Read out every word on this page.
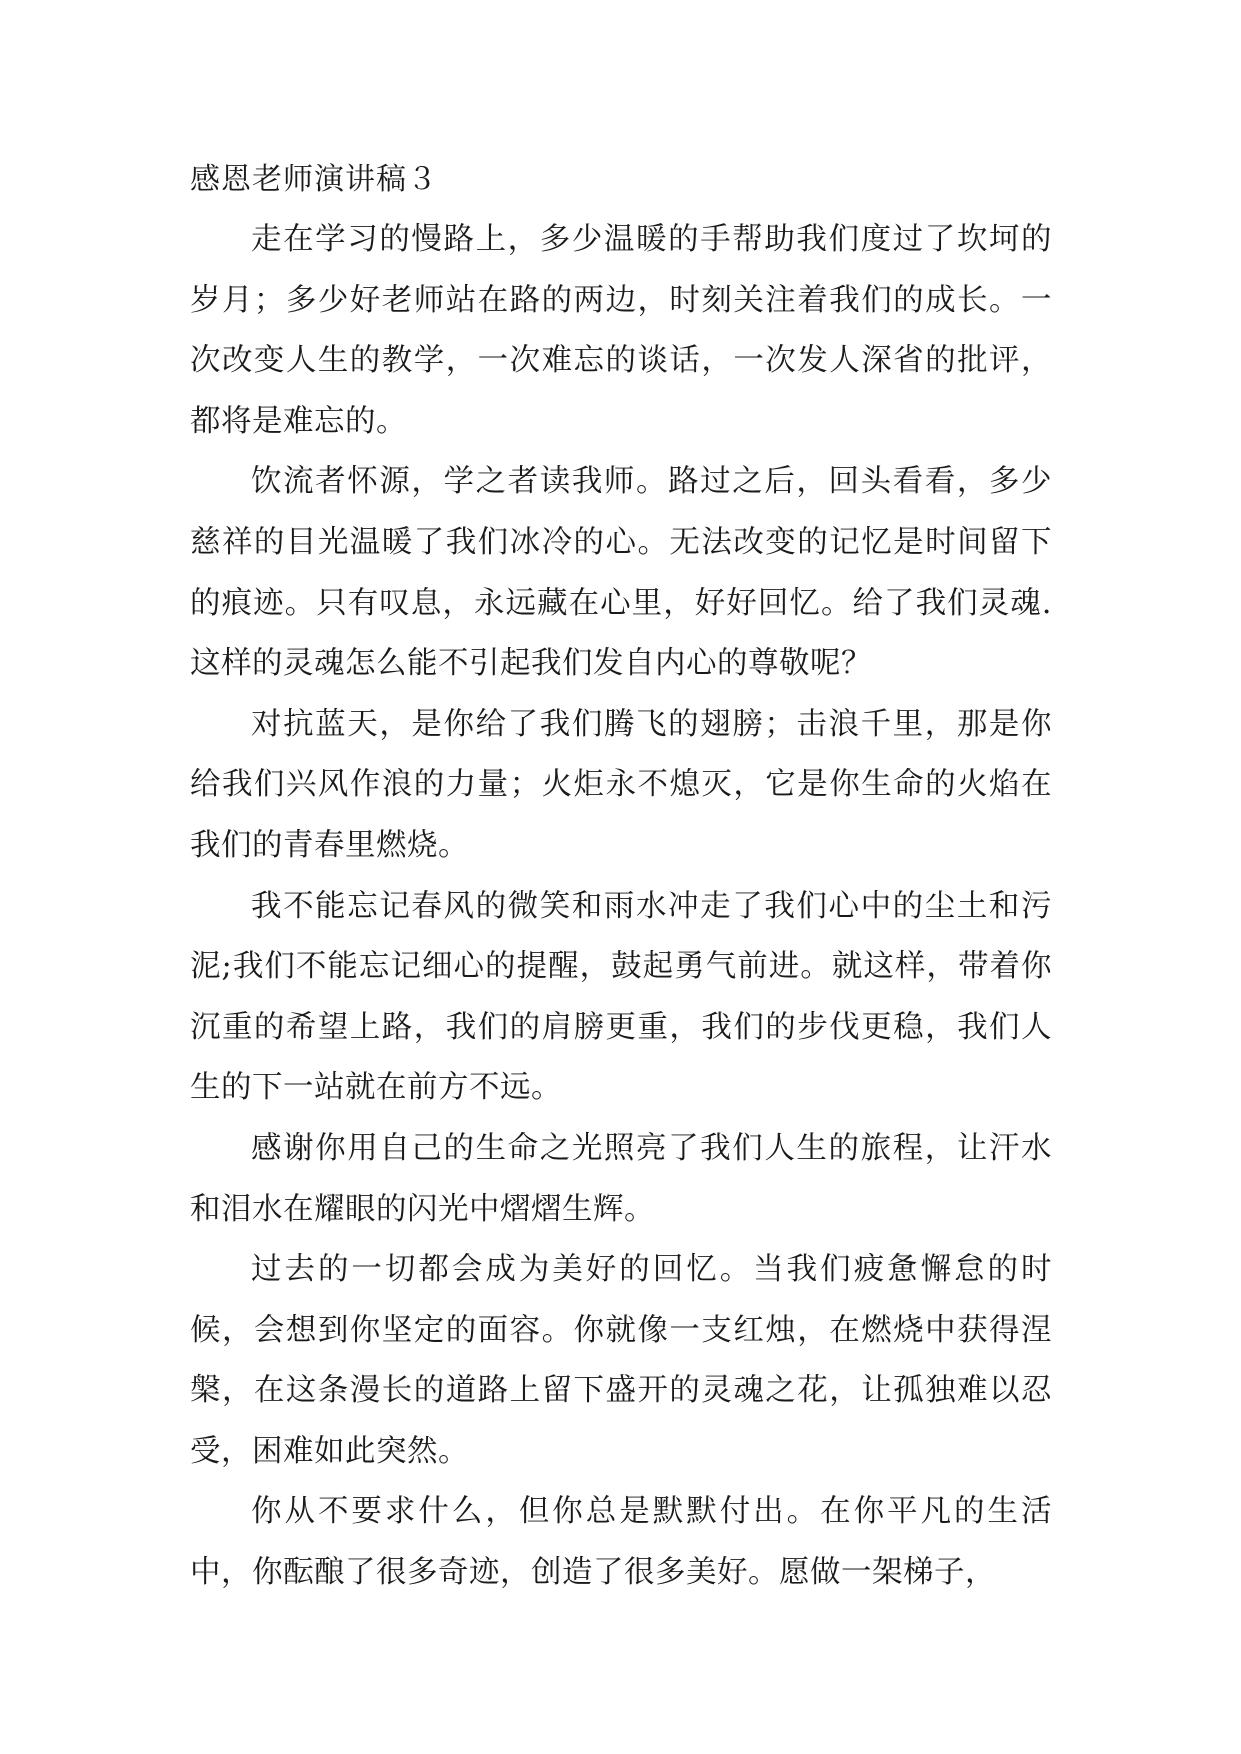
感恩老师演讲稿３

走在学习的慢路上，多少温暖的手帮助我们度过了坎坷的岁月；多少好老师站在路的两边，时刻关注着我们的成长。一次改变人生的教学，一次难忘的谈话，一次发人深省的批评，都将是难忘的。

饮流者怀源，学之者读我师。路过之后，回头看看，多少慈祥的目光温暖了我们冰冷的心。无法改变的记忆是时间留下的痕迹。只有叹息，永远藏在心里，好好回忆。给了我们灵魂.这样的灵魂怎么能不引起我们发自内心的尊敬呢？

对抗蓝天，是你给了我们腾飞的翅膀；击浪千里，那是你给我们兴风作浪的力量；火炬永不熄灭，它是你生命的火焰在我们的青春里燃烧。

我不能忘记春风的微笑和雨水冲走了我们心中的尘土和污泥;我们不能忘记细心的提醒，鼓起勇气前进。就这样，带着你沉重的希望上路，我们的肩膀更重，我们的步伐更稳，我们人生的下一站就在前方不远。

感谢你用自己的生命之光照亮了我们人生的旅程，让汗水和泪水在耀眼的闪光中熠熠生辉。

过去的一切都会成为美好的回忆。当我们疲惫懈怠的时候，会想到你坚定的面容。你就像一支红烛，在燃烧中获得涅槃，在这条漫长的道路上留下盛开的灵魂之花，让孤独难以忍受，困难如此突然。

你从不要求什么，但你总是默默付出。在你平凡的生活中，你酝酿了很多奇迹，创造了很多美好。愿做一架梯子，
